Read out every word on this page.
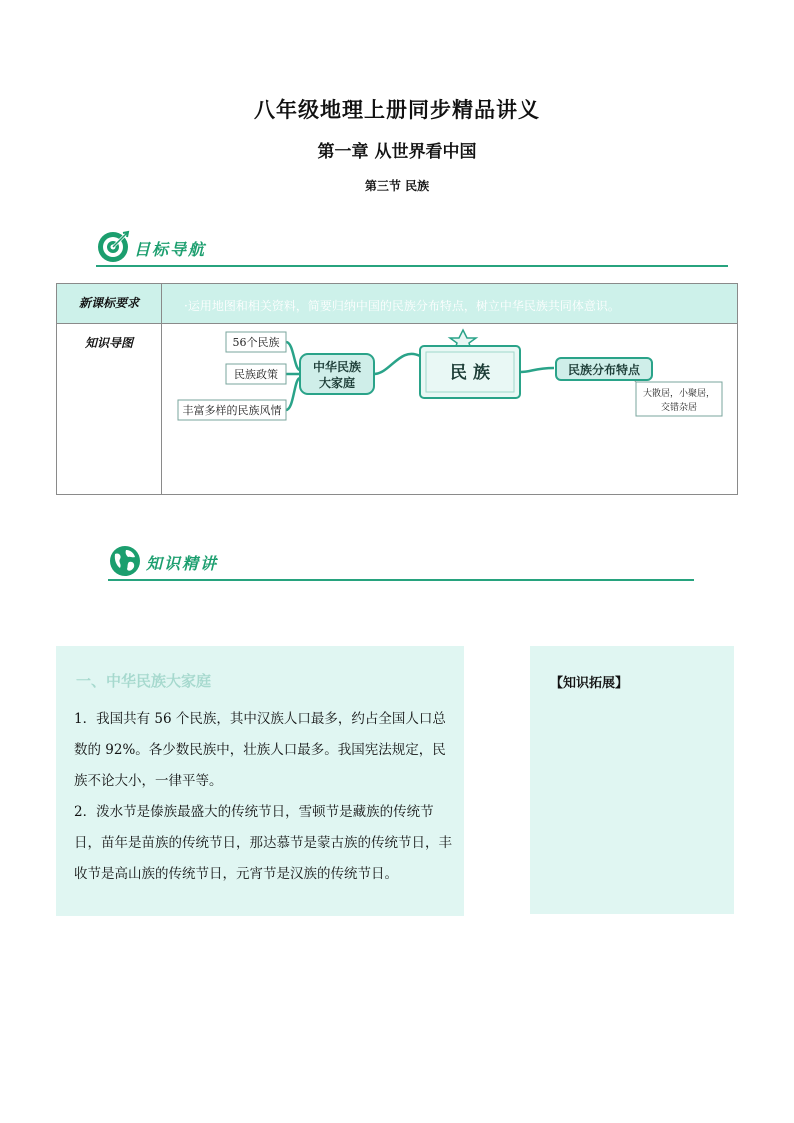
八年级地理上册同步精品讲义
第一章 从世界看中国
第三节 民族
目标导航
新课标要求	·运用地图和相关资料，简要归纳中国的民族分布特点，树立中华民族共同体意识。
知识导图		56个民族
民族政策
丰富多样的民族风情
中华民族
大家庭	民 族	民族分布特点
大散居，小聚居，
交错杂居
知识精讲
一、中华民族大家庭

1．我国共有 56 个民族，其中汉族人口最多，约占全国人口总数的 92%。各少数民族中，壮族人口最多。我国宪法规定，民族不论大小，一律平等。

2．泼水节是傣族最盛大的传统节日，雪顿节是藏族的传统节日，苗年是苗族的传统节日，那达慕节是蒙古族的传统节日，丰收节是高山族的传统节日，元宵节是汉族的传统节日。

【知识拓展】
